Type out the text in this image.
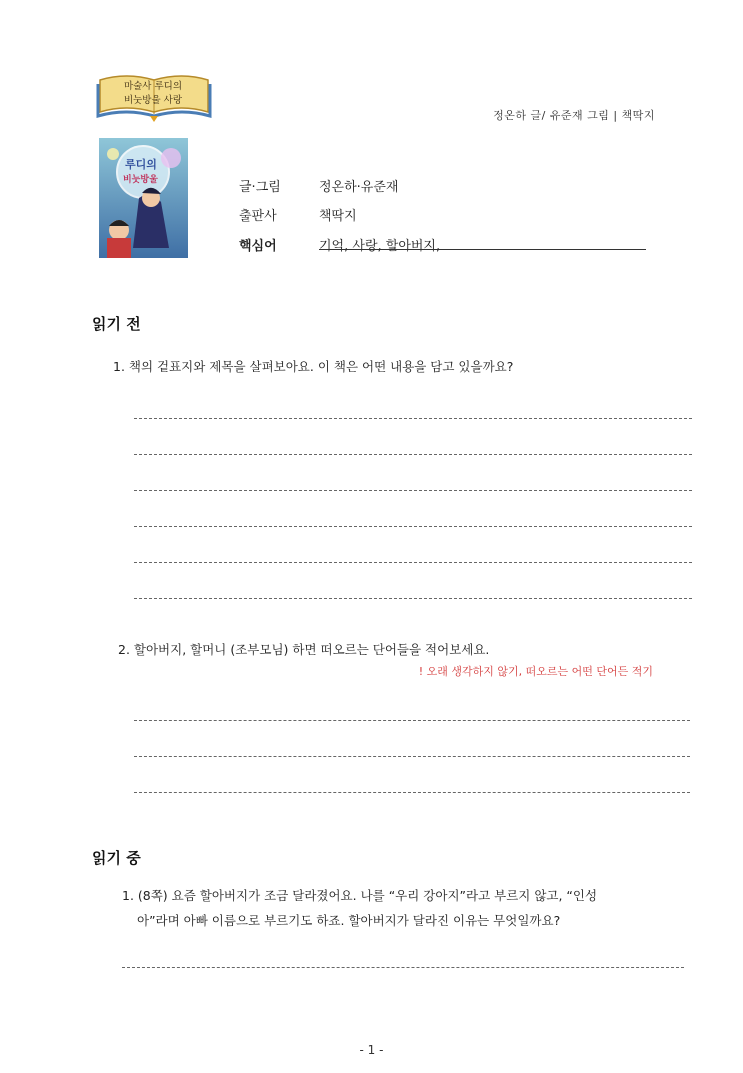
마술사 루디의
비눗방울 사랑
정온하 글/ 유준재 그림 | 책딱지
루디의
비눗방울	글·그림	정온하·유준재
출판사	책딱지
핵심어	기억, 사랑, 할아버지,
읽기 전
1. 책의 겉표지와 제목을 살펴보아요. 이 책은 어떤 내용을 담고 있을까요?
2. 할아버지, 할머니 (조부모님) 하면 떠오르는 단어들을 적어보세요.
! 오래 생각하지 않기, 떠오르는 어떤 단어든 적기
읽기 중
1. (8쪽) 요즘 할아버지가 조금 달라졌어요. 나를 “우리 강아지”라고 부르지 않고, “인성
아”라며 아빠 이름으로 부르기도 하죠. 할아버지가 달라진 이유는 무엇일까요?
- 1 -
